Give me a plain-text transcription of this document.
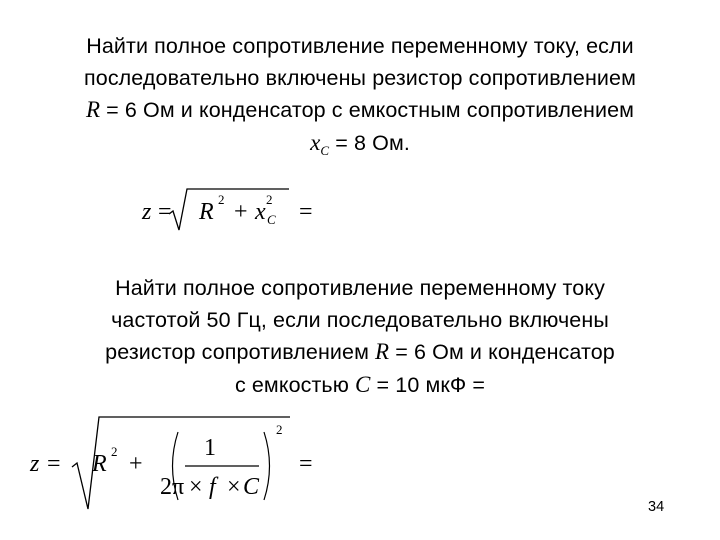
Найти полное сопротивление переменному току, если
последовательно включены резистор сопротивлением
R = 6 Ом и конденсатор с емкостным сопротивлением
$x_C = 8$ Ом.
z = R 2 + x 2
C =
Найти полное сопротивление переменному току
частотой 50 Гц, если последовательно включены
резистор сопротивлением R = 6 Ом и конденсатор
с емкостью C = 10 мкФ =
z = R 2 +
1
2π × f × C
2
=
34
